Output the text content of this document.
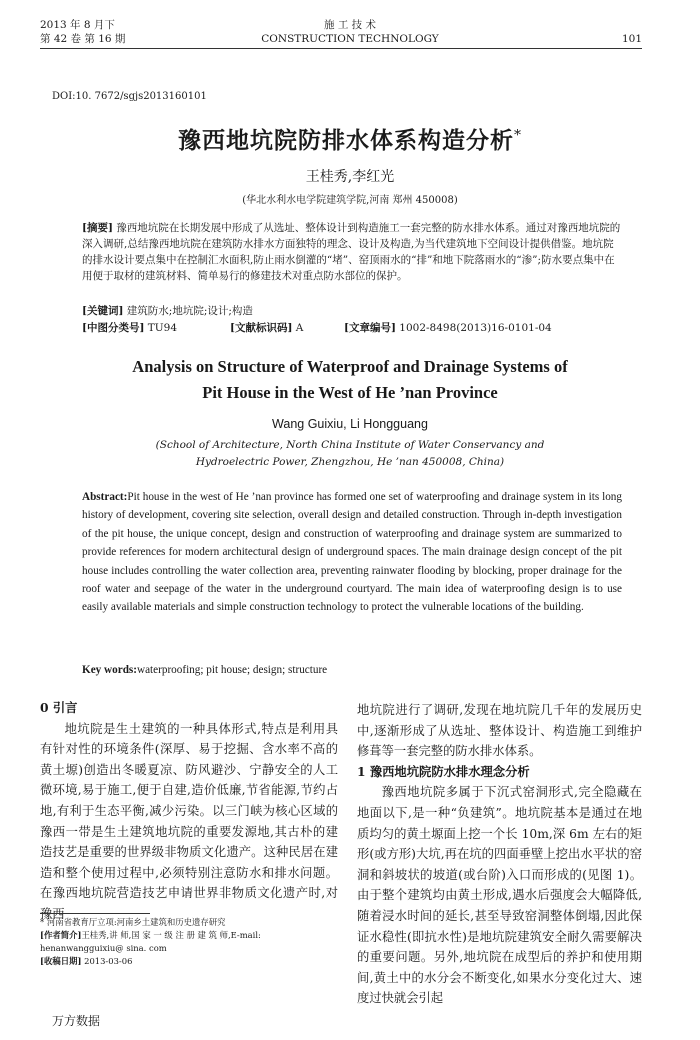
2013 年 8 月下
第 42 卷 第 16 期
施 工 技 术
CONSTRUCTION TECHNOLOGY	101
DOI:10. 7672/sgjs2013160101
豫西地坑院防排水体系构造分析*
王桂秀,李红光
(华北水利水电学院建筑学院,河南 郑州 450008)
[摘要] 豫西地坑院在长期发展中形成了从选址、整体设计到构造施工一套完整的防水排水体系。通过对豫西地坑院的深入调研,总结豫西地坑院在建筑防水排水方面独特的理念、设计及构造,为当代建筑地下空间设计提供借鉴。地坑院的排水设计要点集中在控制汇水面积,防止雨水倒灌的“堵”、窑顶雨水的“排”和地下院落雨水的“渗”;防水要点集中在用便于取材的建筑材料、简单易行的修建技术对重点防水部位的保护。
[关键词] 建筑防水;地坑院;设计;构造
[中图分类号] TU94	[文献标识码] A	[文章编号] 1002-8498(2013)16-0101-04
Analysis on Structure of Waterproof and Drainage Systems of
Pit House in the West of He ’nan Province
Wang Guixiu, Li Hongguang
(School of Architecture, North China Institute of Water Conservancy and Hydroelectric Power, Zhengzhou, He ’nan 450008, China)
Abstract:Pit house in the west of He ’nan province has formed one set of waterproofing and drainage system in its long history of development, covering site selection, overall design and detailed construction. Through in-depth investigation of the pit house, the unique concept, design and construction of waterproofing and drainage system are summarized to provide references for modern architectural design of underground spaces. The main drainage design concept of the pit house includes controlling the water collection area, preventing rainwater flooding by blocking, proper drainage for the roof water and seepage of the water in the underground courtyard. The main idea of waterproofing design is to use easily available materials and simple construction technology to protect the vulnerable locations of the building.
Key words:waterproofing; pit house; design; structure

0 引言

地坑院是生土建筑的一种具体形式,特点是利用具有针对性的环境条件(深厚、易于挖掘、含水率不高的黄土塬)创造出冬暖夏凉、防风避沙、宁静安全的人工微环境,易于施工,便于自建,造价低廉,节省能源,节约占地,有利于生态平衡,减少污染。以三门峡为核心区域的豫西一带是生土建筑地坑院的重要发源地,其古朴的建造技艺是重要的世界级非物质文化遗产。这种民居在建造和整个使用过程中,必须特别注意防水和排水问题。在豫西地坑院营造技艺申请世界非物质文化遗产时,对豫西

地坑院进行了调研,发现在地坑院几千年的发展历史中,逐渐形成了从选址、整体设计、构造施工到维护修葺等一套完整的防水排水体系。

1 豫西地坑院防水排水理念分析

豫西地坑院多属于下沉式窑洞形式,完全隐藏在地面以下,是一种“负建筑”。地坑院基本是通过在地质均匀的黄土塬面上挖一个长 10m,深 6m 左右的矩形(或方形)大坑,再在坑的四面垂壁上挖出水平状的窑洞和斜坡状的坡道(或台阶)入口而形成的(见图 1)。由于整个建筑均由黄土形成,遇水后强度会大幅降低,随着浸水时间的延长,甚至导致窑洞整体倒塌,因此保证水稳性(即抗水性)是地坑院建筑安全耐久需要解决的重要问题。另外,地坑院在成型后的养护和使用期间,黄土中的水分会不断变化,如果水分变化过大、速度过快就会引起

* 河南省教育厅立项:河南乡土建筑和历史遗存研究
[作者简介]王桂秀,讲 师,国 家 一 级 注 册 建 筑 师,E-mail: henanwangguixiu@ sina. com
[收稿日期] 2013-03-06
万方数据
